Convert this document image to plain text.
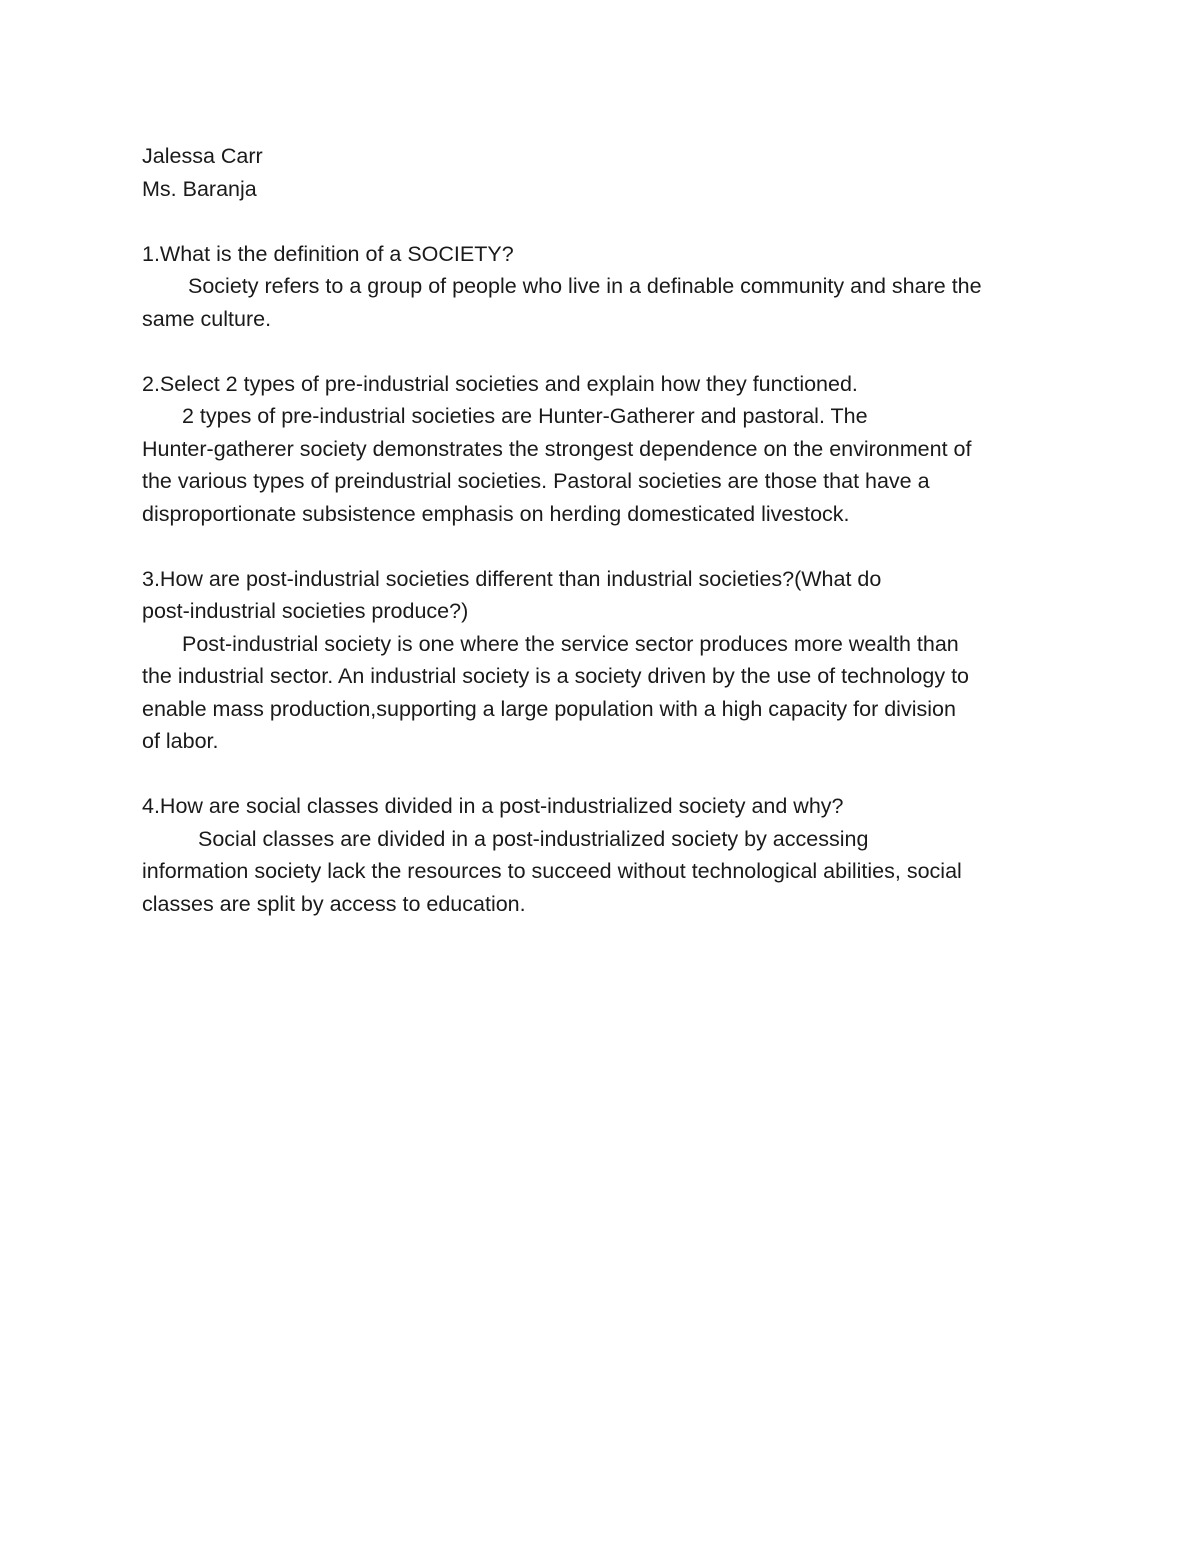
Jalessa Carr
Ms. Baranja
1.What is the definition of a SOCIETY?
Society refers to a group of people who live in a definable community and share the
same culture.
2.Select 2 types of pre-industrial societies and explain how they functioned.
2 types of pre-industrial societies are Hunter-Gatherer and pastoral. The
Hunter-gatherer society demonstrates the strongest dependence on the environment of
the various types of preindustrial societies. Pastoral societies are those that have a
disproportionate subsistence emphasis on herding domesticated livestock.
3.How are post-industrial societies different than industrial societies?(What do
post-industrial societies produce?)
Post-industrial society is one where the service sector produces more wealth than
the industrial sector. An industrial society is a society driven by the use of technology to
enable mass production,supporting a large population with a high capacity for division
of labor.
4.How are social classes divided in a post-industrialized society and why?
Social classes are divided in a post-industrialized society by accessing
information society lack the resources to succeed without technological abilities, social
classes are split by access to education.
